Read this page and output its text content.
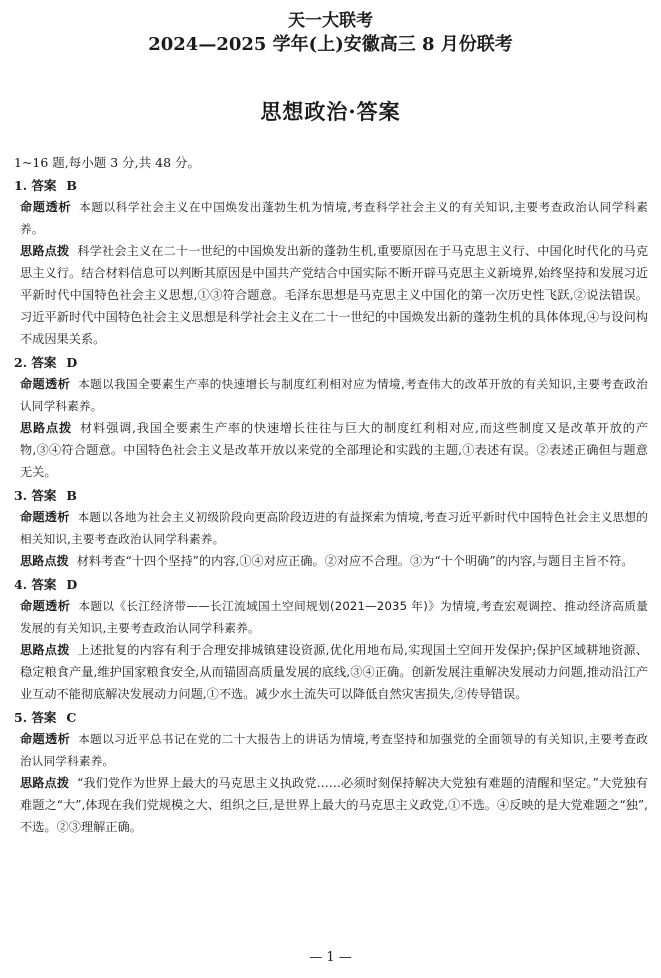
天一大联考
2024—2025 学年(上)安徽高三 8 月份联考
思想政治·答案
1~16 题,每小题 3 分,共 48 分。
1. 答案 B
命题透析 本题以科学社会主义在中国焕发出蓬勃生机为情境,考查科学社会主义的有关知识,主要考查政治认同学科素养。
思路点拨 科学社会主义在二十一世纪的中国焕发出新的蓬勃生机,重要原因在于马克思主义行、中国化时代化的马克思主义行。结合材料信息可以判断其原因是中国共产党结合中国实际不断开辟马克思主义新境界,始终坚持和发展习近平新时代中国特色社会主义思想,①③符合题意。毛泽东思想是马克思主义中国化的第一次历史性飞跃,②说法错误。习近平新时代中国特色社会主义思想是科学社会主义在二十一世纪的中国焕发出新的蓬勃生机的具体体现,④与设问构不成因果关系。
2. 答案 D
命题透析 本题以我国全要素生产率的快速增长与制度红利相对应为情境,考查伟大的改革开放的有关知识,主要考查政治认同学科素养。
思路点拨 材料强调,我国全要素生产率的快速增长往往与巨大的制度红利相对应,而这些制度又是改革开放的产物,③④符合题意。中国特色社会主义是改革开放以来党的全部理论和实践的主题,①表述有误。②表述正确但与题意无关。
3. 答案 B
命题透析 本题以各地为社会主义初级阶段向更高阶段迈进的有益探索为情境,考查习近平新时代中国特色社会主义思想的相关知识,主要考查政治认同学科素养。
思路点拨 材料考查“十四个坚持”的内容,①④对应正确。②对应不合理。③为“十个明确”的内容,与题目主旨不符。
4. 答案 D
命题透析 本题以《长江经济带——长江流域国土空间规划(2021—2035 年)》为情境,考查宏观调控、推动经济高质量发展的有关知识,主要考查政治认同学科素养。
思路点拨 上述批复的内容有利于合理安排城镇建设资源,优化用地布局,实现国土空间开发保护;保护区域耕地资源、稳定粮食产量,维护国家粮食安全,从而锚固高质量发展的底线,③④正确。创新发展注重解决发展动力问题,推动沿江产业互动不能彻底解决发展动力问题,①不选。减少水土流失可以降低自然灾害损失,②传导错误。
5. 答案 C
命题透析 本题以习近平总书记在党的二十大报告上的讲话为情境,考查坚持和加强党的全面领导的有关知识,主要考查政治认同学科素养。
思路点拨 “我们党作为世界上最大的马克思主义执政党……必须时刻保持解决大党独有难题的清醒和坚定。”大党独有难题之“大”,体现在我们党规模之大、组织之巨,是世界上最大的马克思主义政党,①不选。④反映的是大党难题之“独”,不选。②③理解正确。
— 1 —
